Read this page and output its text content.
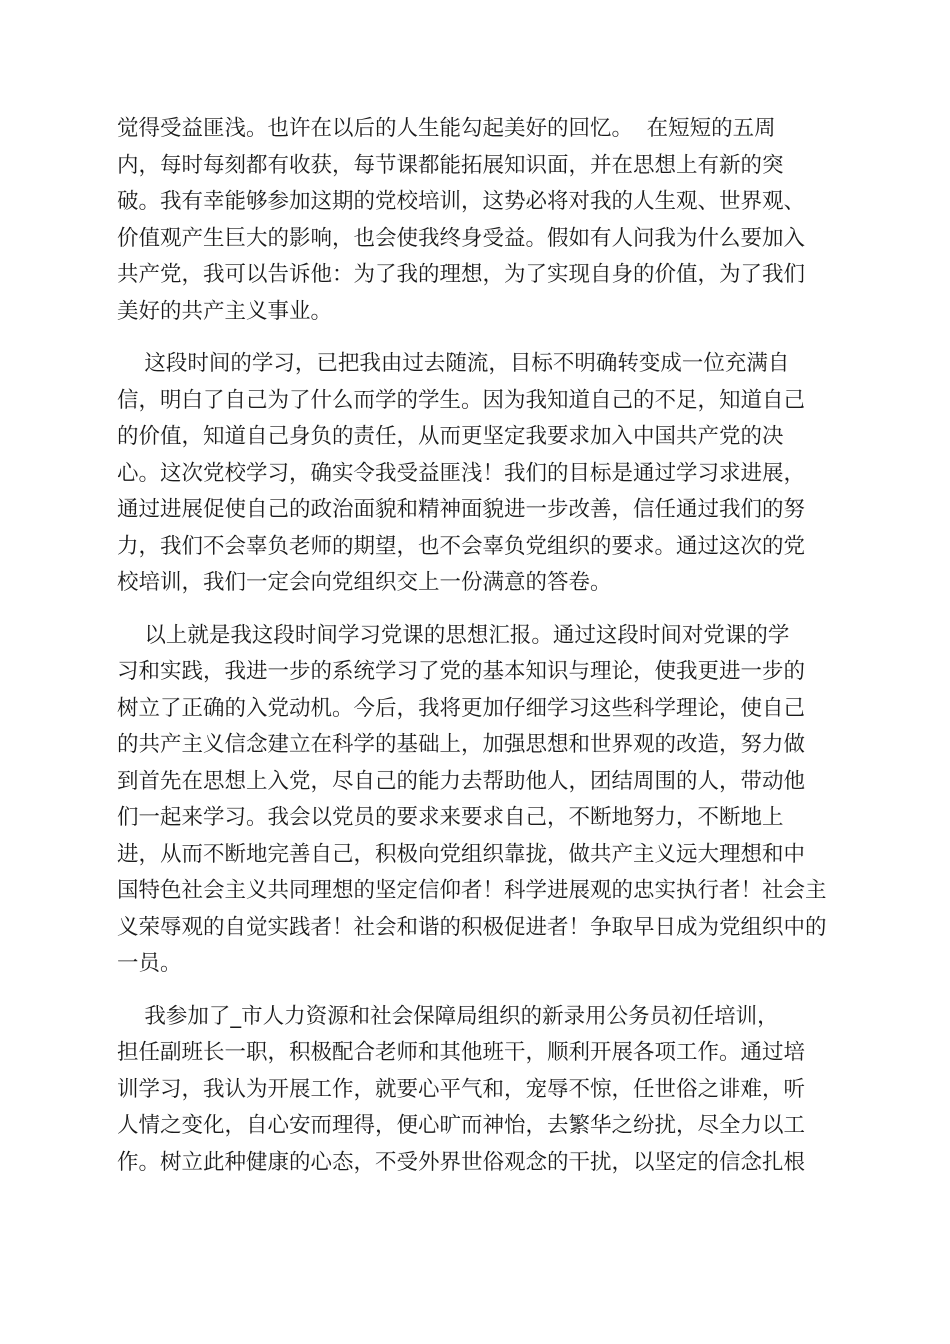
觉得受益匪浅。也许在以后的人生能勾起美好的回忆。  在短短的五周
内，每时每刻都有收获，每节课都能拓展知识面，并在思想上有新的突
破。我有幸能够参加这期的党校培训，这势必将对我的人生观、世界观、
价值观产生巨大的影响，也会使我终身受益。假如有人问我为什么要加入
共产党，我可以告诉他：为了我的理想，为了实现自身的价值，为了我们
美好的共产主义事业。
这段时间的学习，已把我由过去随流，目标不明确转变成一位充满自
信，明白了自己为了什么而学的学生。因为我知道自己的不足，知道自己
的价值，知道自己身负的责任，从而更坚定我要求加入中国共产党的决
心。这次党校学习，确实令我受益匪浅！我们的目标是通过学习求进展，
通过进展促使自己的政治面貌和精神面貌进一步改善，信任通过我们的努
力，我们不会辜负老师的期望，也不会辜负党组织的要求。通过这次的党
校培训，我们一定会向党组织交上一份满意的答卷。
以上就是我这段时间学习党课的思想汇报。通过这段时间对党课的学
习和实践，我进一步的系统学习了党的基本知识与理论，使我更进一步的
树立了正确的入党动机。今后，我将更加仔细学习这些科学理论，使自己
的共产主义信念建立在科学的基础上，加强思想和世界观的改造，努力做
到首先在思想上入党，尽自己的能力去帮助他人，团结周围的人，带动他
们一起来学习。我会以党员的要求来要求自己，不断地努力，不断地上
进，从而不断地完善自己，积极向党组织靠拢，做共产主义远大理想和中
国特色社会主义共同理想的坚定信仰者！科学进展观的忠实执行者！社会主
义荣辱观的自觉实践者！社会和谐的积极促进者！争取早日成为党组织中的
一员。
我参加了_市人力资源和社会保障局组织的新录用公务员初任培训，
担任副班长一职，积极配合老师和其他班干，顺利开展各项工作。通过培
训学习，我认为开展工作，就要心平气和，宠辱不惊，任世俗之诽难，听
人情之变化，自心安而理得，便心旷而神怡，去繁华之纷扰，尽全力以工
作。树立此种健康的心态，不受外界世俗观念的干扰，以坚定的信念扎根
